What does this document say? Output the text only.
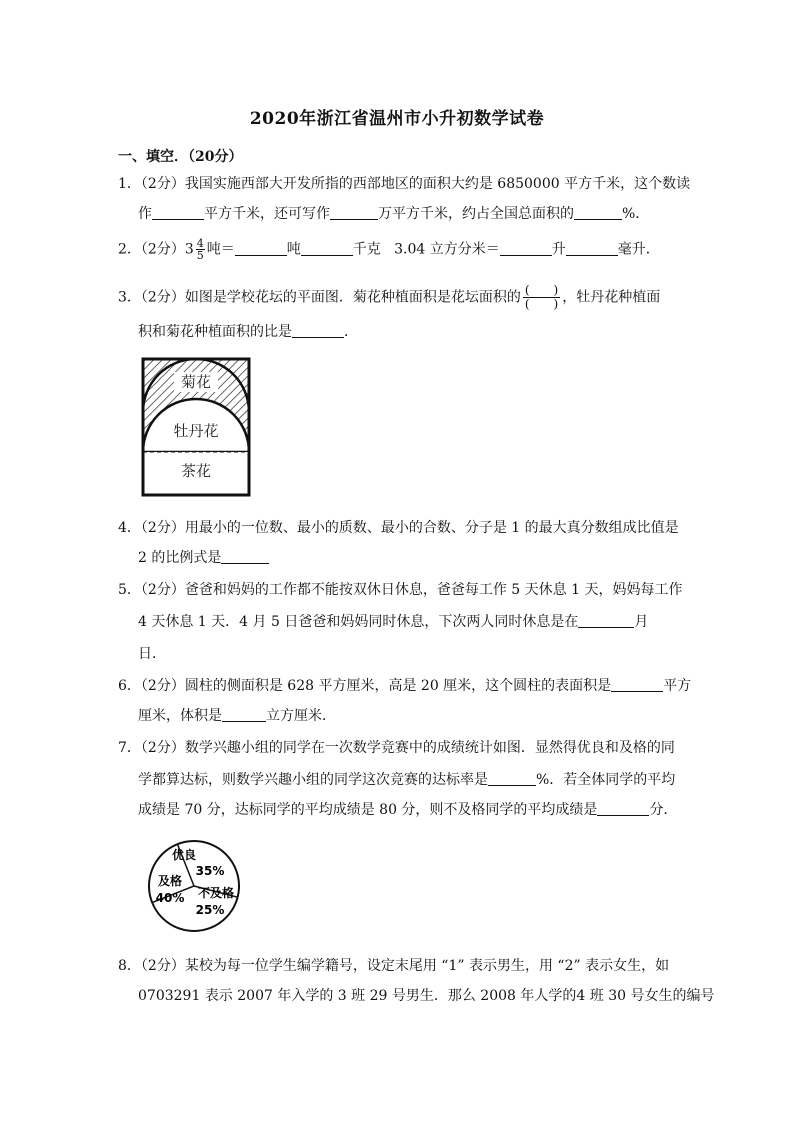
2020年浙江省温州市小升初数学试卷
一、填空．（20分）
1．（2分）我国实施西部大开发所指的西部地区的面积大约是 6850000 平方千米，这个数读
作	平方千米，还可写作	万平方千米，约占全国总面积的	%．
2．（2分）$3 \frac{4}{5}$ 吨＝	吨	千克 3.04 立方分米＝	升	毫升．
3．（2分）如图是学校花坛的平面图．菊花种植面积是花坛面积的 $\frac{( )}{( )}$ ，牡丹花种植面
积和菊花种植面积的比是	．
菊花
牡丹花
茶花
4．（2分）用最小的一位数、最小的质数、最小的合数、分子是 1 的最大真分数组成比值是
2 的比例式是
5．（2分）爸爸和妈妈的工作都不能按双休日休息，爸爸每工作 5 天休息 1 天，妈妈每工作
4 天休息 1 天．4 月 5 日爸爸和妈妈同时休息，下次两人同时休息是在	月
日．
6．（2分）圆柱的侧面积是 628 平方厘米，高是 20 厘米，这个圆柱的表面积是	平方
厘米，体积是	立方厘米．
7．（2分）数学兴趣小组的同学在一次数学竞赛中的成绩统计如图．显然得优良和及格的同
学都算达标，则数学兴趣小组的同学这次竞赛的达标率是	%．若全体同学的平均
成绩是 70 分，达标同学的平均成绩是 80 分，则不及格同学的平均成绩是	分．
优良
35%
及格
40% 不及格
25%
8．（2分）某校为每一位学生编学籍号，设定末尾用 “1” 表示男生，用 “2” 表示女生，如
0703291 表示 2007 年入学的 3 班 29 号男生．那么 2008 年人学的4 班 30 号女生的编号
